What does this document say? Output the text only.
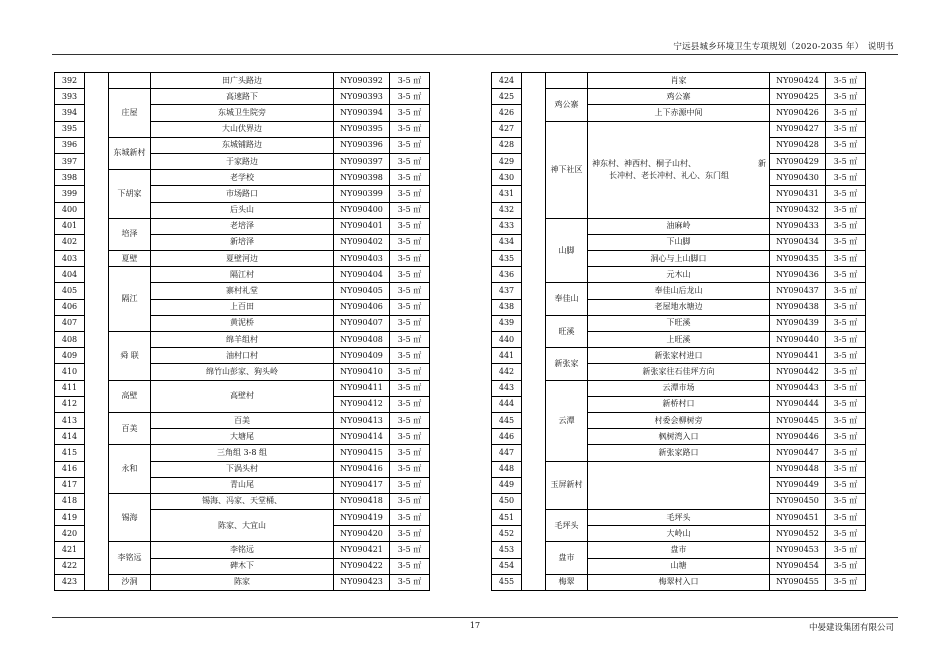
宁远县城乡环境卫生专项规划（2020-2035 年）　说明书
392			田广头路边	NY090392	3-5 ㎡
393		庄屋	高速路下	NY090393	3-5 ㎡
394			东城卫生院旁	NY090394	3-5 ㎡
395			大山伏界边	NY090395	3-5 ㎡
396		东城新村	东城铺路边	NY090396	3-5 ㎡
397			于家路边	NY090397	3-5 ㎡
398		下胡家	老学校	NY090398	3-5 ㎡
399			市场路口	NY090399	3-5 ㎡
400			后头山	NY090400	3-5 ㎡
401		培泽	老培泽	NY090401	3-5 ㎡
402			新培泽	NY090402	3-5 ㎡
403		夏壁	夏壁河边	NY090403	3-5 ㎡
404		隔江	隔江村	NY090404	3-5 ㎡
405			寨村礼堂	NY090405	3-5 ㎡
406			上百田	NY090406	3-5 ㎡
407			黄泥桥	NY090407	3-5 ㎡
408		舜 联	绵羊组村	NY090408	3-5 ㎡
409			油村口村	NY090409	3-5 ㎡
410			绵竹山彭家、狗头岭	NY090410	3-5 ㎡
411		高壁	高壁村	NY090411	3-5 ㎡
412				NY090412	3-5 ㎡
413		百美	百美	NY090413	3-5 ㎡
414			大塘尾	NY090414	3-5 ㎡
415		永和	三角组 3-8 组	NY090415	3-5 ㎡
416			下涡头村	NY090416	3-5 ㎡
417			青山尾	NY090417	3-5 ㎡
418		锡海	锡海、冯家、天堂桶、	NY090418	3-5 ㎡
419			陈家、大宜山	NY090419	3-5 ㎡
420				NY090420	3-5 ㎡
421		李铭远	李铭远	NY090421	3-5 ㎡
422			碑木下	NY090422	3-5 ㎡
423		沙洞	陈家	NY090423	3-5 ㎡
424			肖家	NY090424	3-5 ㎡
425		鸡公寨	鸡公寨	NY090425	3-5 ㎡
426			上下赤源中间	NY090426	3-5 ㎡
427		神下社区	神东村、神西村、桐子山村、
长冲村、老长冲村、礼心、东门组
新	NY090427	3-5 ㎡
428				NY090428	3-5 ㎡
429				NY090429	3-5 ㎡
430				NY090430	3-5 ㎡
431				NY090431	3-5 ㎡
432				NY090432	3-5 ㎡
433		山脚	油麻岭	NY090433	3-5 ㎡
434			下山脚	NY090434	3-5 ㎡
435			洞心与上山脚口	NY090435	3-5 ㎡
436			元木山	NY090436	3-5 ㎡
437		奉佳山	奉佳山后龙山	NY090437	3-5 ㎡
438			老屋地水塘边	NY090438	3-5 ㎡
439		旺溪	下旺溪	NY090439	3-5 ㎡
440			上旺溪	NY090440	3-5 ㎡
441		新张家	新张家村进口	NY090441	3-5 ㎡
442			新张家往石佳坪方向	NY090442	3-5 ㎡
443		云潭	云潭市场	NY090443	3-5 ㎡
444			新桥村口	NY090444	3-5 ㎡
445			村委会柳树旁	NY090445	3-5 ㎡
446			枫树湾入口	NY090446	3-5 ㎡
447			新张家路口	NY090447	3-5 ㎡
448		玉屏新村		NY090448	3-5 ㎡
449				NY090449	3-5 ㎡
450				NY090450	3-5 ㎡
451		毛坪头	毛坪头	NY090451	3-5 ㎡
452			大岭山	NY090452	3-5 ㎡
453		盘市	盘市	NY090453	3-5 ㎡
454			山塘	NY090454	3-5 ㎡
455		梅翠	梅翠村入口	NY090455	3-5 ㎡
17	中晏建设集团有限公司
